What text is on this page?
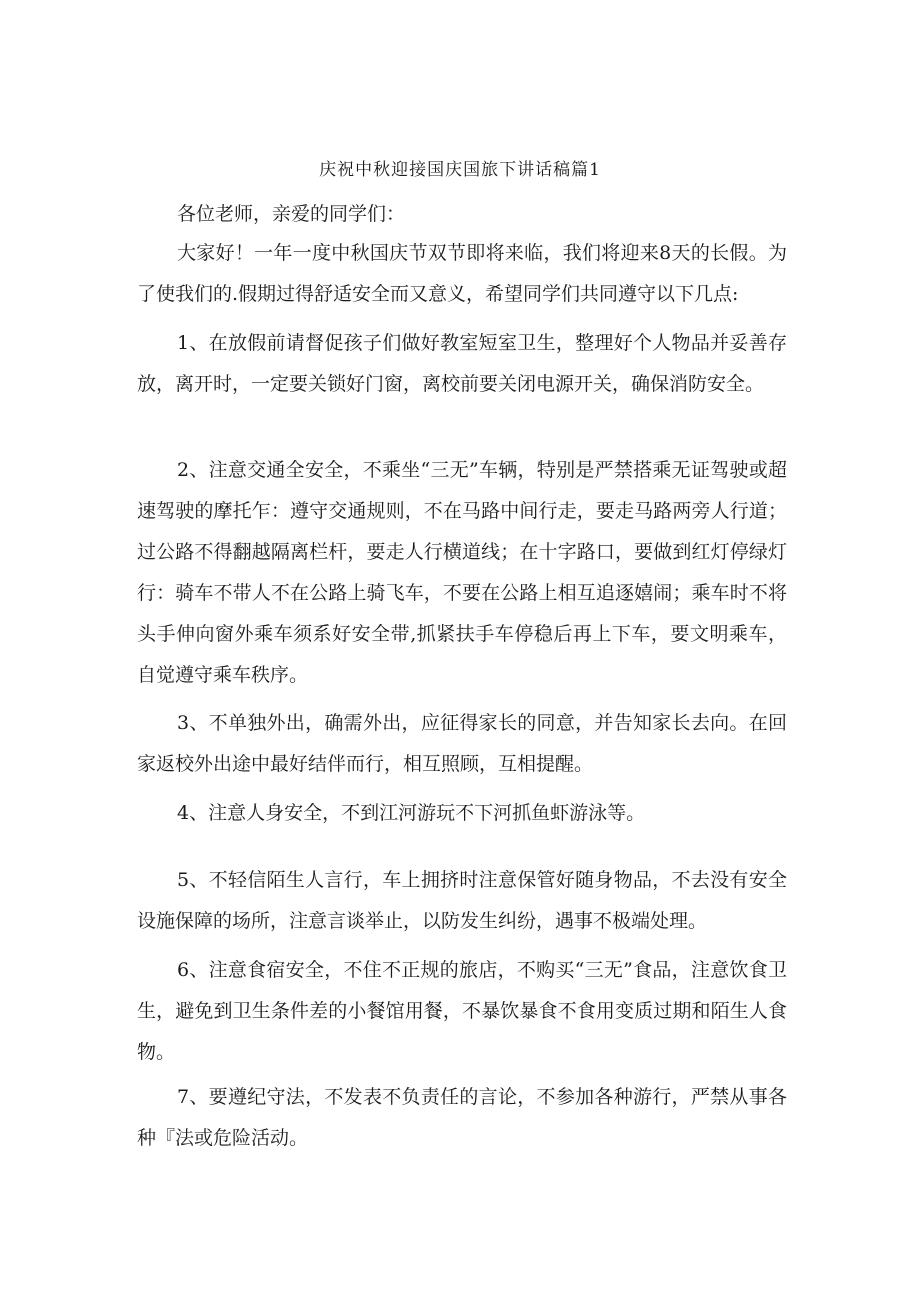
庆祝中秋迎接国庆国旅下讲话稿篇1

各位老师，亲爱的同学们：

大家好！一年一度中秋国庆节双节即将来临，我们将迎来8天的长假。为了使我们的.假期过得舒适安全而又意义，希望同学们共同遵守以下几点:

1、在放假前请督促孩子们做好教室短室卫生，整理好个人物品并妥善存放，离开时，一定要关锁好门窗，离校前要关闭电源开关，确保消防安全。

2、注意交通全安全，不乘坐“三无”车辆，特别是严禁搭乘无证驾驶或超速驾驶的摩托乍：遵守交通规则，不在马路中间行走，要走马路两旁人行道；过公路不得翻越隔离栏杆，要走人行横道线；在十字路口，要做到红灯停绿灯行：骑车不带人不在公路上骑飞车，不要在公路上相互追逐嬉闹；乘车时不将头手伸向窗外乘车须系好安全带,抓紧扶手车停稳后再上下车，要文明乘车，自觉遵守乘车秩序。

3、不单独外出，确需外出，应征得家长的同意，并告知家长去向。在回家返校外出途中最好结伴而行，相互照顾，互相提醒。

4、注意人身安全，不到江河游玩不下河抓鱼虾游泳等。

5、不轻信陌生人言行，车上拥挤时注意保管好随身物品，不去没有安全设施保障的场所，注意言谈举止，以防发生纠纷，遇事不极端处理。

6、注意食宿安全，不住不正规的旅店，不购买“三无”食品，注意饮食卫生，避免到卫生条件差的小餐馆用餐，不暴饮暴食不食用变质过期和陌生人食物。

7、要遵纪守法，不发表不负责任的言论，不参加各种游行，严禁从事各种『法或危险活动。
